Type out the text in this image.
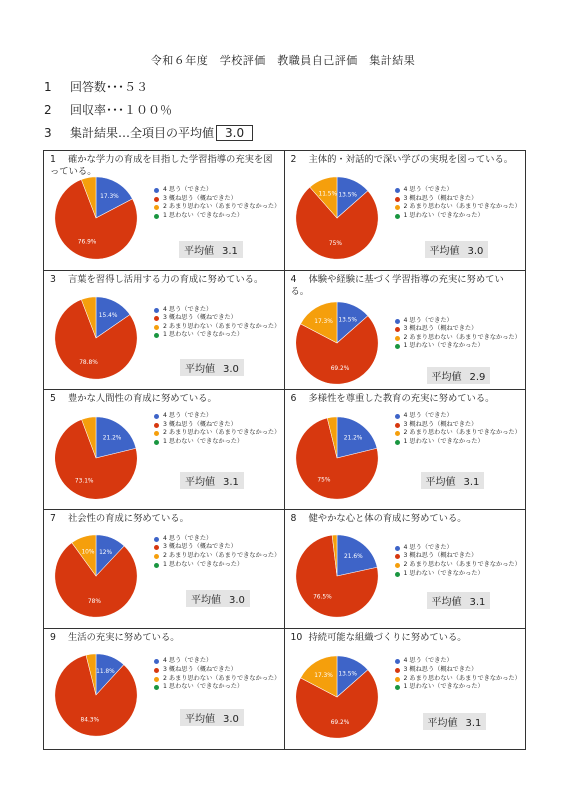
令和６年度　学校評価　教職員自己評価　集計結果
1 回答数･･･５３
2 回収率･･･１００％
3 集計結果…全項目の平均値 3.0
1 確かな学力の育成を目指した学習指導の充実を図っている。
17.3%
76.9%
4 思う（できた）
3 概ね思う（概ねできた）
2 あまり思わない（あまりできなかった）
1 思わない（できなかった）
平均値 3.1
2 主体的・対話的で深い学びの実現を図っている。
13.5%
75%
11.5%
4 思う（できた）
3 概ね思う（概ねできた）
2 あまり思わない（あまりできなかった）
1 思わない（できなかった）
平均値 3.0
3 言葉を習得し活用する力の育成に努めている。
15.4%
78.8%
4 思う（できた）
3 概ね思う（概ねできた）
2 あまり思わない（あまりできなかった）
1 思わない（できなかった）
平均値 3.0
4 体験や経験に基づく学習指導の充実に努めている。
13.5%
69.2%
17.3%	4 思う（できた）
3 概ね思う（概ねできた）
2 あまり思わない（あまりできなかった）
1 思わない（できなかった）
平均値 2.9
5 豊かな人間性の育成に努めている。
21.2%
73.1%
4 思う（できた）
3 概ね思う（概ねできた）
2 あまり思わない（あまりできなかった）
1 思わない（できなかった）
平均値 3.1
6 多様性を尊重した教育の充実に努めている。
21.2%
75%
4 思う（できた）
3 概ね思う（概ねできた）
2 あまり思わない（あまりできなかった）
1 思わない（できなかった）
平均値 3.1
7 社会性の育成に努めている。
12%
78%
10%
4 思う（できた）
3 概ね思う（概ねできた）
2 あまり思わない（あまりできなかった）
1 思わない（できなかった）
平均値 3.0
8 健やかな心と体の育成に努めている。
21.6%
76.5%
4 思う（できた）
3 概ね思う（概ねできた）
2 あまり思わない（あまりできなかった）
1 思わない（できなかった）
平均値 3.1
9 生活の充実に努めている。
11.8%
84.3%
4 思う（できた）
3 概ね思う（概ねできた）
2 あまり思わない（あまりできなかった）
1 思わない（できなかった）
平均値 3.0
10 持続可能な組織づくりに努めている。
13.5%
69.2%
17.3%
4 思う（できた）
3 概ね思う（概ねできた）
2 あまり思わない（あまりできなかった）
1 思わない（できなかった）
平均値 3.1
